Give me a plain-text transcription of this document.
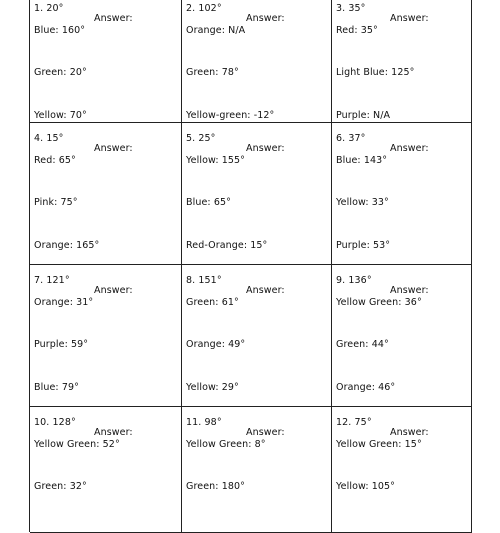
1. 20°
Answer:
Blue: 160°
Green: 20°
Yellow: 70°
2. 102°
Answer:
Orange: N/A
Green: 78°
Yellow-green: -12°
3. 35°
Answer:
Red: 35°
Light Blue: 125°
Purple: N/A
4. 15°
Answer:
Red: 65°
Pink: 75°
Orange: 165°
5. 25°
Answer:
Yellow: 155°
Blue: 65°
Red-Orange: 15°
6. 37°
Answer:
Blue: 143°
Yellow: 33°
Purple: 53°
7. 121°
Answer:
Orange: 31°
Purple: 59°
Blue: 79°
8. 151°
Answer:
Green: 61°
Orange: 49°
Yellow: 29°
9. 136°
Answer:
Yellow Green: 36°
Green: 44°
Orange: 46°
10. 128°
Answer:
Yellow Green: 52°
Green: 32°
11. 98°
Answer:
Yellow Green: 8°
Green: 180°
12. 75°
Answer:
Yellow Green: 15°
Yellow: 105°
